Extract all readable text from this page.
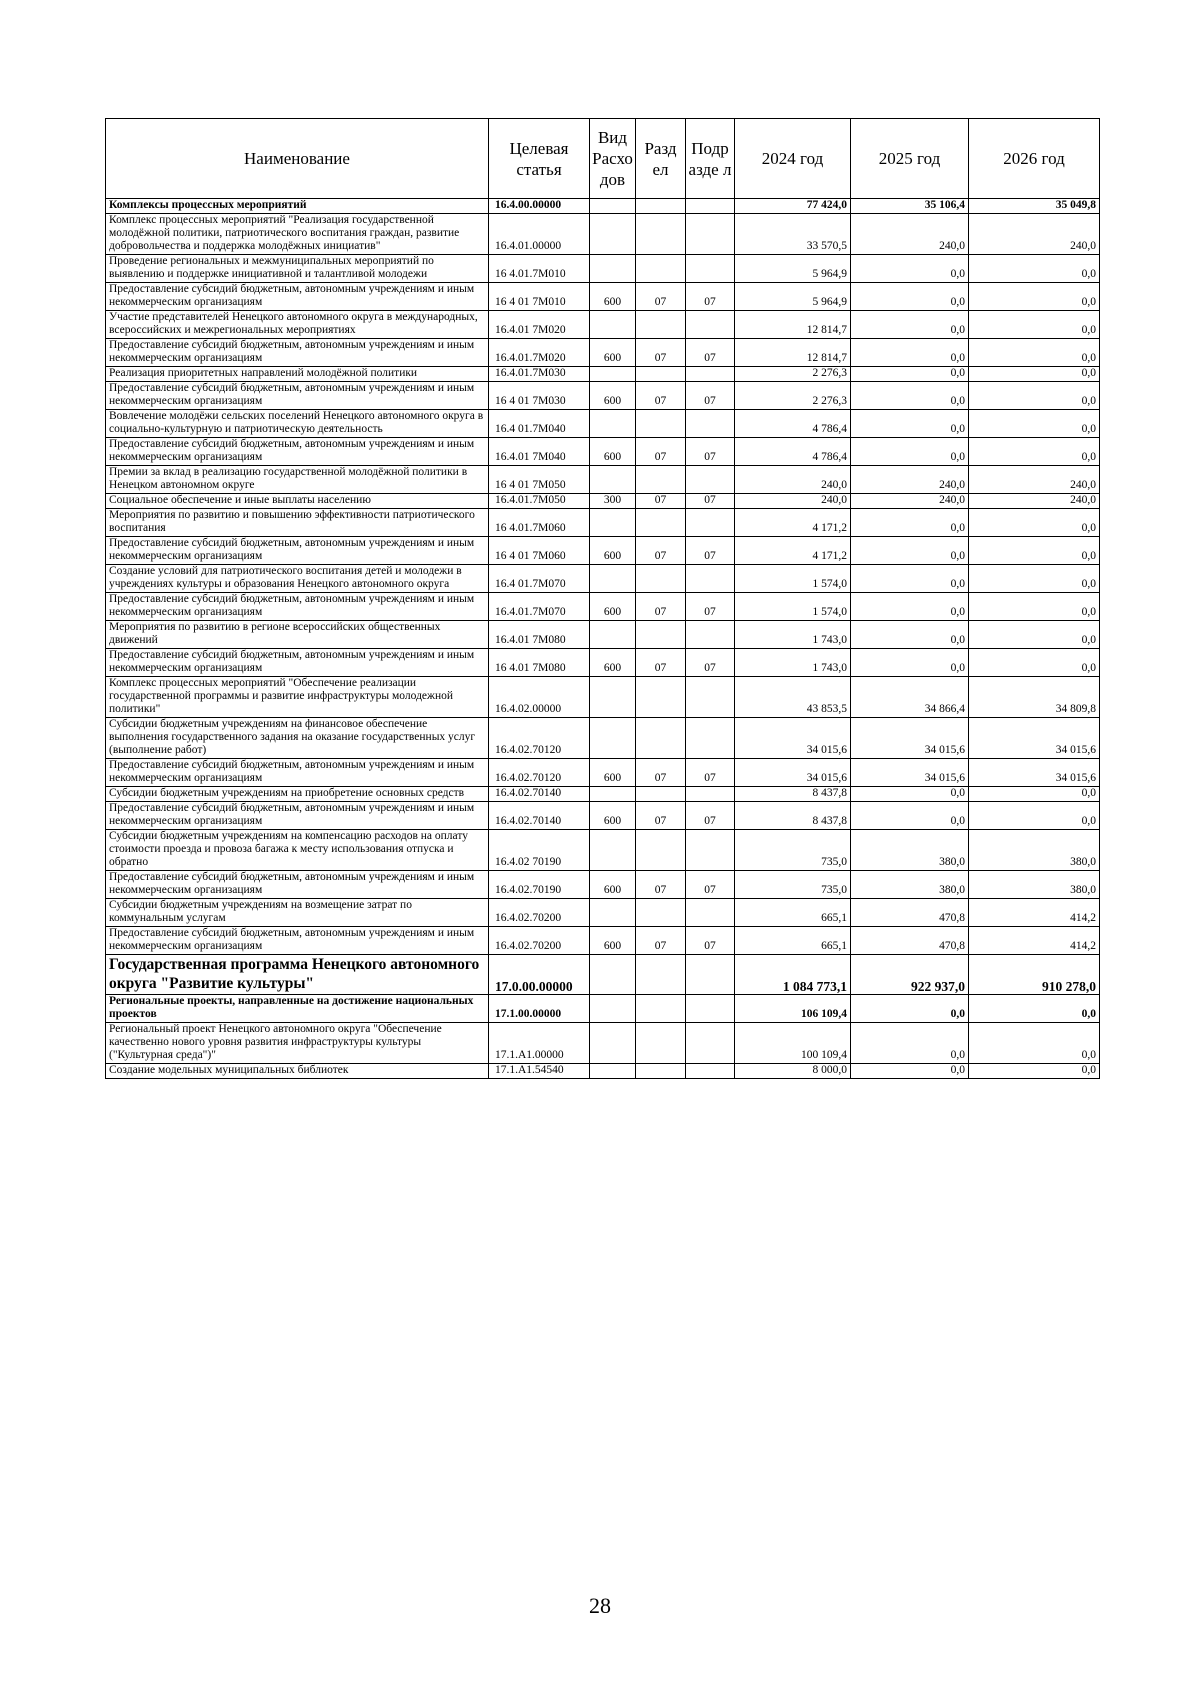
Наименование	Целевая статья	Вид Расхо дов	Разд ел	Подр азде л	2024 год	2025 год	2026 год
Комплексы процессных мероприятий	16.4.00.00000				77 424,0	35 106,4	35 049,8
Комплекс процессных мероприятий "Реализация государственной молодёжной политики, патриотического воспитания граждан, развитие добровольчества и поддержка молодёжных инициатив"	16.4.01.00000				33 570,5	240,0	240,0
Проведение региональных и межмуниципальных мероприятий по выявлению и поддержке инициативной и талантливой молодежи	16 4.01.7М010				5 964,9	0,0	0,0
Предоставление субсидий бюджетным, автономным учреждениям и иным некоммерческим организациям	16 4 01 7М010	600	07	07	5 964,9	0,0	0,0
Участие представителей Ненецкого автономного округа в международных, всероссийских и межрегиональных мероприятиях	16.4.01 7М020				12 814,7	0,0	0,0
Предоставление субсидий бюджетным, автономным учреждениям и иным некоммерческим организациям	16.4.01.7М020	600	07	07	12 814,7	0,0	0,0
Реализация приоритетных направлений молодёжной политики	16.4.01.7М030				2 276,3	0,0	0,0
Предоставление субсидий бюджетным, автономным учреждениям и иным некоммерческим организациям	16 4 01 7М030	600	07	07	2 276,3	0,0	0,0
Вовлечение молодёжи сельских поселений Ненецкого автономного округа в социально-культурную и патриотическую деятельность	16.4 01.7М040				4 786,4	0,0	0,0
Предоставление субсидий бюджетным, автономным учреждениям и иным некоммерческим организациям	16.4.01 7М040	600	07	07	4 786,4	0,0	0,0
Премии за вклад в реализацию государственной молодёжной политики в Ненецком автономном округе	16 4 01 7М050				240,0	240,0	240,0
Социальное обеспечение и иные выплаты населению	16.4.01.7М050	300	07	07	240,0	240,0	240,0
Мероприятия по развитию и повышению эффективности патриотического воспитания	16 4.01.7М060				4 171,2	0,0	0,0
Предоставление субсидий бюджетным, автономным учреждениям и иным некоммерческим организациям	16 4 01 7М060	600	07	07	4 171,2	0,0	0,0
Создание условий для патриотического воспитания детей и молодежи в учреждениях культуры и образования Ненецкого автономного округа	16.4 01.7М070				1 574,0	0,0	0,0
Предоставление субсидий бюджетным, автономным учреждениям и иным некоммерческим организациям	16.4.01.7М070	600	07	07	1 574,0	0,0	0,0
Мероприятия по развитию в регионе всероссийских общественных движений	16.4.01 7М080				1 743,0	0,0	0,0
Предоставление субсидий бюджетным, автономным учреждениям и иным некоммерческим организациям	16 4.01 7М080	600	07	07	1 743,0	0,0	0,0
Комплекс процессных мероприятий "Обеспечение реализации государственной программы и развитие инфраструктуры молодежной политики"	16.4.02.00000				43 853,5	34 866,4	34 809,8
Субсидии бюджетным учреждениям на финансовое обеспечение выполнения государственного задания на оказание государственных услуг (выполнение работ)	16.4.02.70120				34 015,6	34 015,6	34 015,6
Предоставление субсидий бюджетным, автономным учреждениям и иным некоммерческим организациям	16.4.02.70120	600	07	07	34 015,6	34 015,6	34 015,6
Субсидии бюджетным учреждениям на приобретение основных средств	16.4.02.70140				8 437,8	0,0	0,0
Предоставление субсидий бюджетным, автономным учреждениям и иным некоммерческим организациям	16.4.02.70140	600	07	07	8 437,8	0,0	0,0
Субсидии бюджетным учреждениям на компенсацию расходов на оплату стоимости проезда и провоза багажа к месту использования отпуска и обратно	16.4.02 70190				735,0	380,0	380,0
Предоставление субсидий бюджетным, автономным учреждениям и иным некоммерческим организациям	16.4.02.70190	600	07	07	735,0	380,0	380,0
Субсидии бюджетным учреждениям на возмещение затрат по коммунальным услугам	16.4.02.70200				665,1	470,8	414,2
Предоставление субсидий бюджетным, автономным учреждениям и иным некоммерческим организациям	16.4.02.70200	600	07	07	665,1	470,8	414,2
Государственная программа Ненецкого автономного округа "Развитие культуры"	17.0.00.00000				1 084 773,1	922 937,0	910 278,0
Региональные проекты, направленные на достижение национальных проектов	17.1.00.00000				106 109,4	0,0	0,0
Региональный проект Ненецкого автономного округа "Обеспечение качественно нового уровня развития инфраструктуры культуры ("Культурная среда")"	17.1.А1.00000				100 109,4	0,0	0,0
Создание модельных муниципальных библиотек	17.1.А1.54540				8 000,0	0,0	0,0
28
